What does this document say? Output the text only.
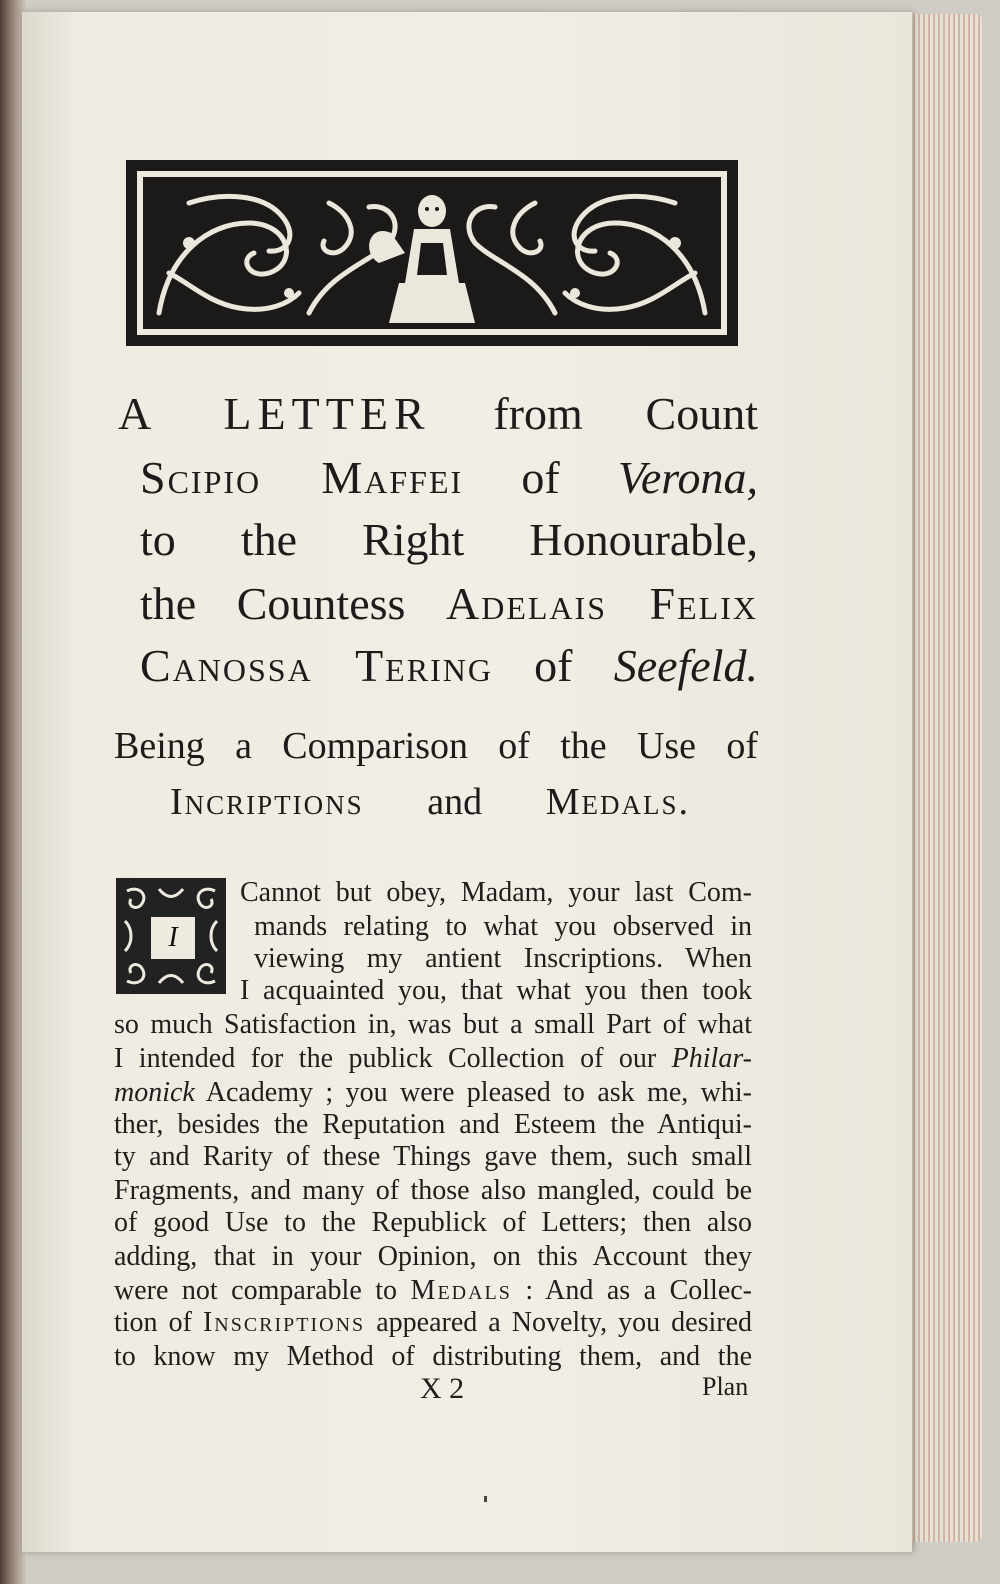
A LETTER from Count
Scipio Maffei of Verona,
to the Right Honourable,
the Countess Adelais Felix
Canossa Tering of Seefeld.
Being a Comparison of the Use of
Incriptions and Medals.
I
Cannot but obey, Madam, your last Com-
mands relating to what you observed in
viewing my antient Inscriptions. When
I acquainted you, that what you then took
so much Satisfaction in, was but a small Part of what
I intended for the publick Collection of our Philar-
monick Academy ; you were pleased to ask me, whi-
ther, besides the Reputation and Esteem the Antiqui-
ty and Rarity of these Things gave them, such small
Fragments, and many of those also mangled, could be
of good Use to the Republick of Letters; then also
adding, that in your Opinion, on this Account they
were not comparable to Medals : And as a Collec-
tion of Inscriptions appeared a Novelty, you desired
to know my Method of distributing them, and the
X 2	Plan
